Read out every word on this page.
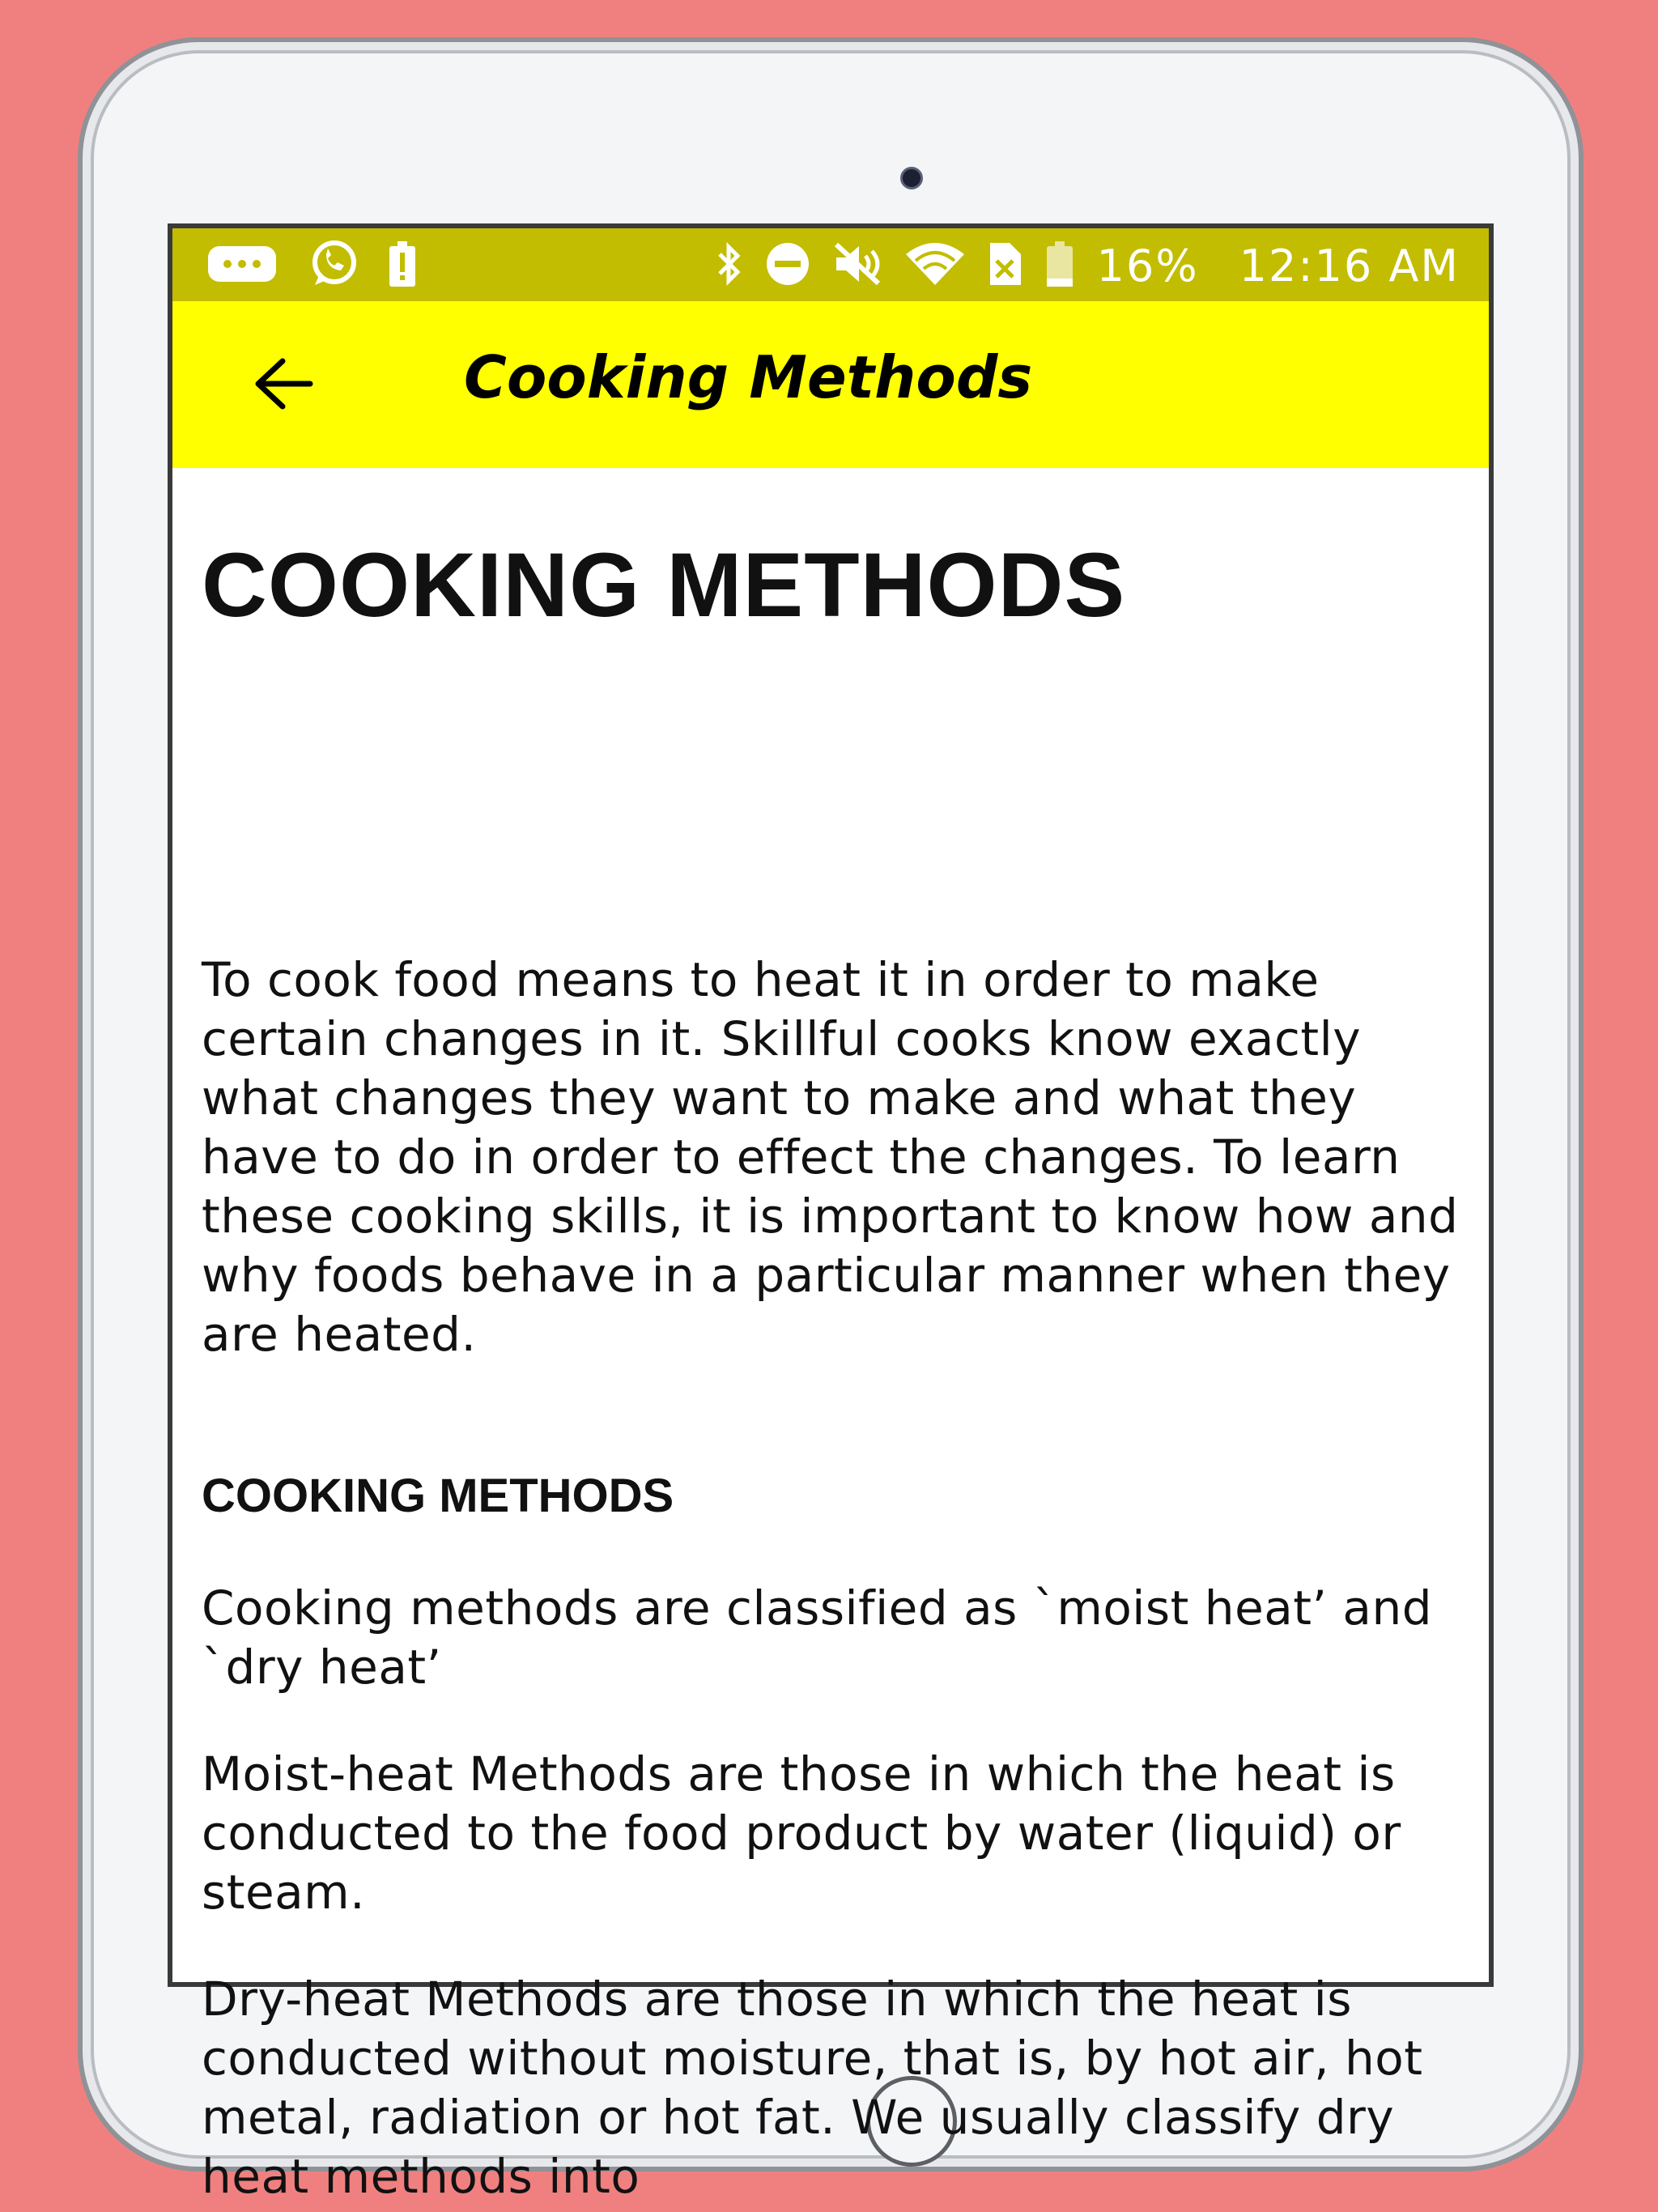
16% 12:16 AM
Cooking Methods
COOKING METHODS

To cook food means to heat it in order to make certain changes in it. Skillful cooks know exactly what changes they want to make and what they have to do in order to effect the changes. To learn these cooking skills, it is important to know how and why foods behave in a particular manner when they are heated.

COOKING METHODS

Cooking methods are classified as `moist heat’ and `dry heat’

Moist-heat Methods are those in which the heat is conducted to the food product by water (liquid) or steam.

Dry-heat Methods are those in which the heat is conducted without moisture, that is, by hot air, hot metal, radiation or hot fat. We usually classify dry heat methods into
